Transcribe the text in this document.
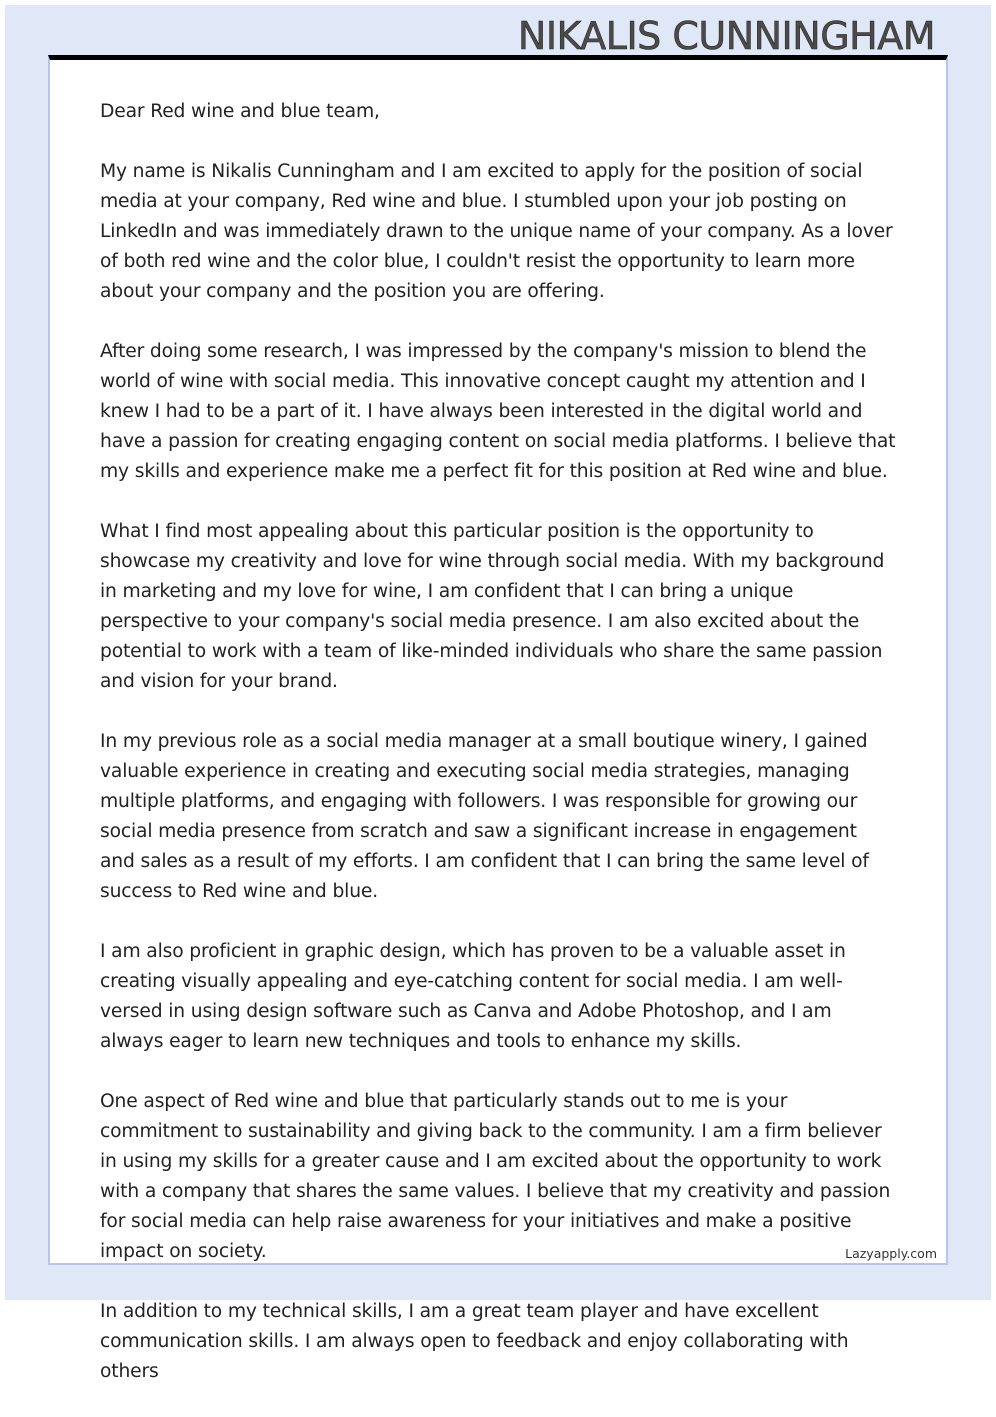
NIKALIS CUNNINGHAM

Dear Red wine and blue team,

My name is Nikalis Cunningham and I am excited to apply for the position of social media at your company, Red wine and blue. I stumbled upon your job posting on LinkedIn and was immediately drawn to the unique name of your company. As a lover of both red wine and the color blue, I couldn't resist the opportunity to learn more about your company and the position you are offering.

After doing some research, I was impressed by the company's mission to blend the world of wine with social media. This innovative concept caught my attention and I knew I had to be a part of it. I have always been interested in the digital world and have a passion for creating engaging content on social media platforms. I believe that my skills and experience make me a perfect fit for this position at Red wine and blue.

What I find most appealing about this particular position is the opportunity to showcase my creativity and love for wine through social media. With my background in marketing and my love for wine, I am confident that I can bring a unique perspective to your company's social media presence. I am also excited about the potential to work with a team of like-minded individuals who share the same passion and vision for your brand.

In my previous role as a social media manager at a small boutique winery, I gained valuable experience in creating and executing social media strategies, managing multiple platforms, and engaging with followers. I was responsible for growing our social media presence from scratch and saw a significant increase in engagement and sales as a result of my efforts. I am confident that I can bring the same level of success to Red wine and blue.

I am also proficient in graphic design, which has proven to be a valuable asset in creating visually appealing and eye-catching content for social media. I am well-versed in using design software such as Canva and Adobe Photoshop, and I am always eager to learn new techniques and tools to enhance my skills.

One aspect of Red wine and blue that particularly stands out to me is your commitment to sustainability and giving back to the community. I am a firm believer in using my skills for a greater cause and I am excited about the opportunity to work with a company that shares the same values. I believe that my creativity and passion for social media can help raise awareness for your initiatives and make a positive impact on society.

In addition to my technical skills, I am a great team player and have excellent communication skills. I am always open to feedback and enjoy collaborating with others

Lazyapply.com
